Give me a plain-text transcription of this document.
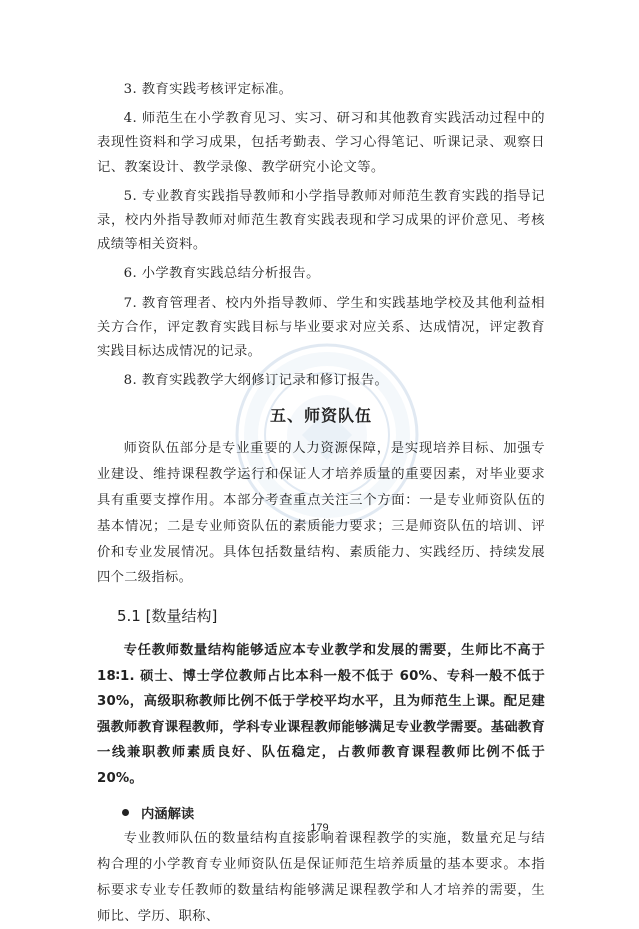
3. 教育实践考核评定标准。

4. 师范生在小学教育见习、实习、研习和其他教育实践活动过程中的表现性资料和学习成果，包括考勤表、学习心得笔记、听课记录、观察日记、教案设计、教学录像、教学研究小论文等。

5. 专业教育实践指导教师和小学指导教师对师范生教育实践的指导记录，校内外指导教师对师范生教育实践表现和学习成果的评价意见、考核成绩等相关资料。

6. 小学教育实践总结分析报告。

7. 教育管理者、校内外指导教师、学生和实践基地学校及其他利益相关方合作，评定教育实践目标与毕业要求对应关系、达成情况，评定教育实践目标达成情况的记录。

8. 教育实践教学大纲修订记录和修订报告。

五、师资队伍

师资队伍部分是专业重要的人力资源保障，是实现培养目标、加强专业建设、维持课程教学运行和保证人才培养质量的重要因素，对毕业要求具有重要支撑作用。本部分考查重点关注三个方面：一是专业师资队伍的基本情况；二是专业师资队伍的素质能力要求；三是师资队伍的培训、评价和专业发展情况。具体包括数量结构、素质能力、实践经历、持续发展四个二级指标。

5.1 [数量结构]

专任教师数量结构能够适应本专业教学和发展的需要，生师比不高于 18∶1. 硕士、博士学位教师占比本科一般不低于 60%、专科一般不低于 30%，高级职称教师比例不低于学校平均水平，且为师范生上课。配足建强教师教育课程教师，学科专业课程教师能够满足专业教学需要。基础教育一线兼职教师素质良好、队伍稳定，占教师教育课程教师比例不低于 20%。

内涵解读

专业教师队伍的数量结构直接影响着课程教学的实施，数量充足与结构合理的小学教育专业师资队伍是保证师范生培养质量的基本要求。本指标要求专业专任教师的数量结构能够满足课程教学和人才培养的需要，生师比、学历、职称、

179
